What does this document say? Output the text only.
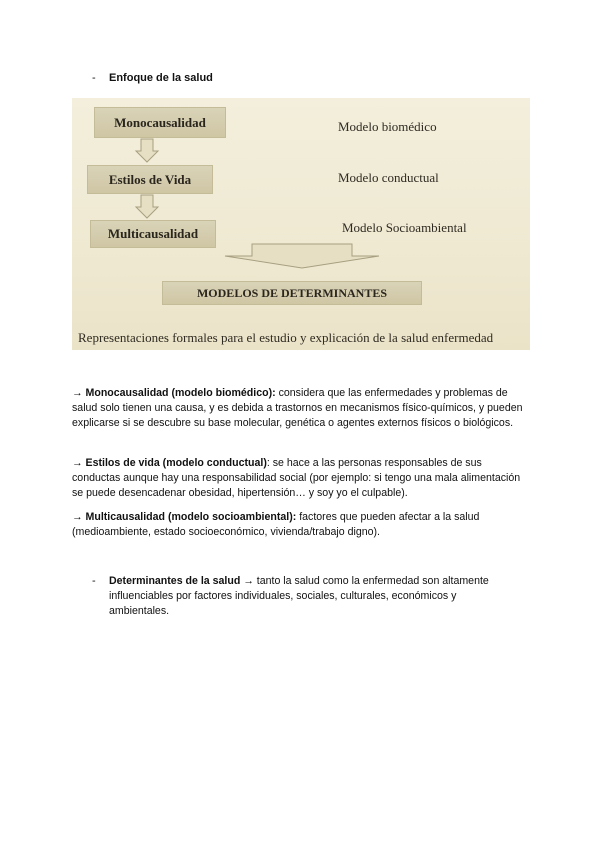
- Enfoque de la salud
Monocausalidad
Estilos de Vida
Multicausalidad
Modelo biomédico
Modelo conductual
Modelo Socioambiental
MODELOS DE DETERMINANTES
Representaciones formales para el estudio y explicación de la salud enfermedad

→ Monocausalidad (modelo biomédico): considera que las enfermedades y problemas de salud solo tienen una causa, y es debida a trastornos en mecanismos físico-químicos, y pueden explicarse si se descubre su base molecular, genética o agentes externos físicos o biológicos.

→ Estilos de vida (modelo conductual): se hace a las personas responsables de sus conductas aunque hay una responsabilidad social (por ejemplo: si tengo una mala alimentación se puede desencadenar obesidad, hipertensión… y soy yo el culpable).

→ Multicausalidad (modelo socioambiental): factores que pueden afectar a la salud (medioambiente, estado socioeconómico, vivienda/trabajo digno).

- Determinantes de la salud → tanto la salud como la enfermedad son altamente influenciables por factores individuales, sociales, culturales, económicos y ambientales.
